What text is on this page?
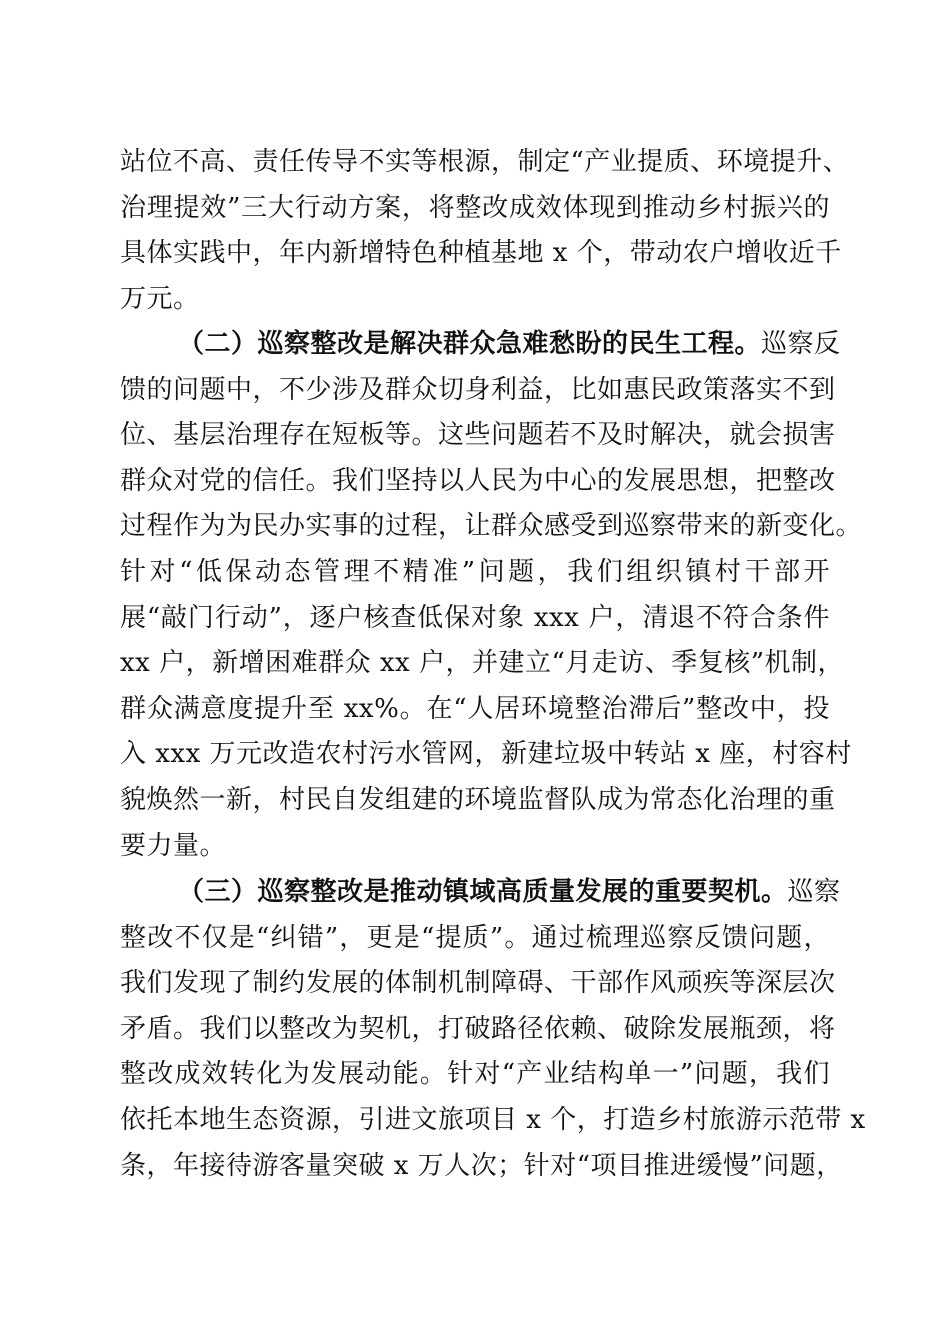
站位不高、责任传导不实等根源，制定“产业提质、环境提升、
治理提效”三大行动方案，将整改成效体现到推动乡村振兴的
具体实践中，年内新增特色种植基地 x 个，带动农户增收近千
万元。
（二）巡察整改是解决群众急难愁盼的民生工程。巡察反
馈的问题中，不少涉及群众切身利益，比如惠民政策落实不到
位、基层治理存在短板等。这些问题若不及时解决，就会损害
群众对党的信任。我们坚持以人民为中心的发展思想，把整改
过程作为为民办实事的过程，让群众感受到巡察带来的新变化。
针对“低保动态管理不精准”问题，我们组织镇村干部开
展“敲门行动”，逐户核查低保对象 xxx 户，清退不符合条件
xx 户，新增困难群众 xx 户，并建立“月走访、季复核”机制，
群众满意度提升至 xx%。在“人居环境整治滞后”整改中，投
入 xxx 万元改造农村污水管网，新建垃圾中转站 x 座，村容村
貌焕然一新，村民自发组建的环境监督队成为常态化治理的重
要力量。
（三）巡察整改是推动镇域高质量发展的重要契机。巡察
整改不仅是“纠错”，更是“提质”。通过梳理巡察反馈问题，
我们发现了制约发展的体制机制障碍、干部作风顽疾等深层次
矛盾。我们以整改为契机，打破路径依赖、破除发展瓶颈，将
整改成效转化为发展动能。针对“产业结构单一”问题，我们
依托本地生态资源，引进文旅项目 x 个，打造乡村旅游示范带 x
条，年接待游客量突破 x 万人次；针对“项目推进缓慢”问题，
